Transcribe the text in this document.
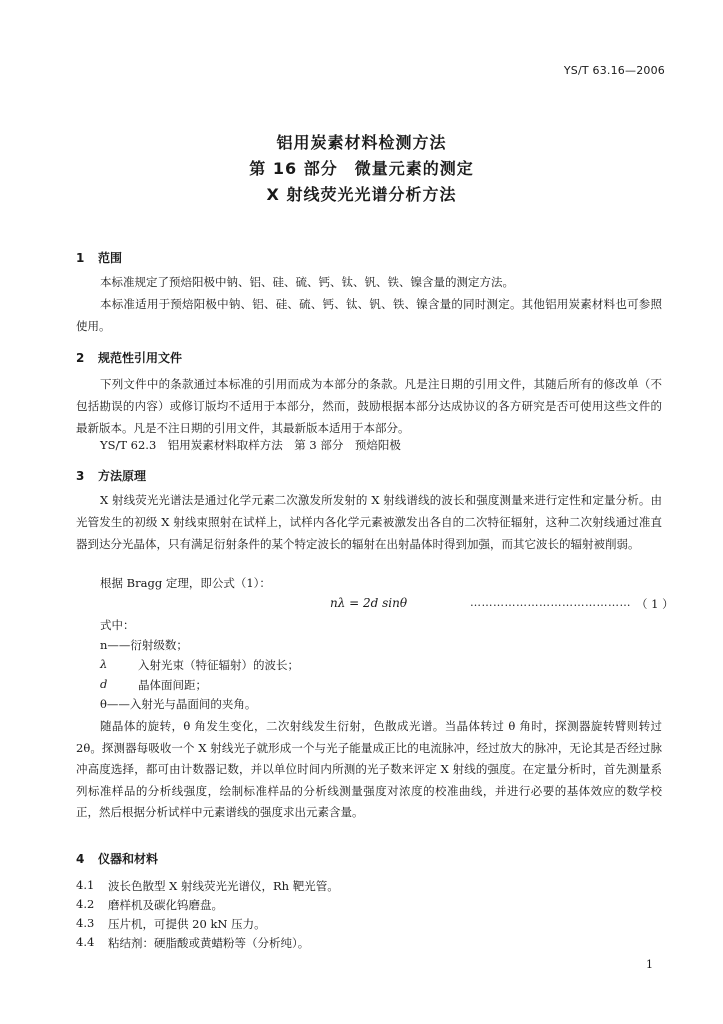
YS/T 63.16—2006
铝用炭素材料检测方法
第 16 部分　微量元素的测定
X 射线荧光光谱分析方法
1 范围
本标准规定了预焙阳极中钠、铝、硅、硫、钙、钛、钒、铁、镍含量的测定方法。
本标准适用于预焙阳极中钠、铝、硅、硫、钙、钛、钒、铁、镍含量的同时测定。其他铝用炭素材料也可参照使用。
2 规范性引用文件
下列文件中的条款通过本标准的引用而成为本部分的条款。凡是注日期的引用文件，其随后所有的修改单（不包括勘误的内容）或修订版均不适用于本部分，然而，鼓励根据本部分达成协议的各方研究是否可使用这些文件的最新版本。凡是不注日期的引用文件，其最新版本适用于本部分。
YS/T 62.3　铝用炭素材料取样方法　第 3 部分　预焙阳极
3 方法原理
X 射线荧光光谱法是通过化学元素二次激发所发射的 X 射线谱线的波长和强度测量来进行定性和定量分析。由光管发生的初级 X 射线束照射在试样上，试样内各化学元素被激发出各自的二次特征辐射，这种二次射线通过准直器到达分光晶体，只有满足衍射条件的某个特定波长的辐射在出射晶体时得到加强，而其它波长的辐射被削弱。
根据 Bragg 定理，即公式（1）：
nλ = 2d sinθ	…………………………………… （ 1 ）
式中：
n——衍射级数；
λ	入射光束（特征辐射）的波长；
d	晶体面间距；
θ——入射光与晶面间的夹角。
随晶体的旋转，θ 角发生变化，二次射线发生衍射，色散成光谱。当晶体转过 θ 角时，探测器旋转臂则转过 2θ。探测器每吸收一个 X 射线光子就形成一个与光子能量成正比的电流脉冲，经过放大的脉冲，无论其是否经过脉冲高度选择，都可由计数器记数，并以单位时间内所测的光子数来评定 X 射线的强度。在定量分析时，首先测量系列标准样品的分析线强度，绘制标准样品的分析线测量强度对浓度的校准曲线，并进行必要的基体效应的数学校正，然后根据分析试样中元素谱线的强度求出元素含量。
4 仪器和材料
4.1 波长色散型 X 射线荧光光谱仪，Rh 靶光管。
4.2 磨样机及碳化钨磨盘。
4.3 压片机，可提供 20 kN 压力。
4.4 粘结剂：硬脂酸或黄蜡粉等（分析纯）。
1
